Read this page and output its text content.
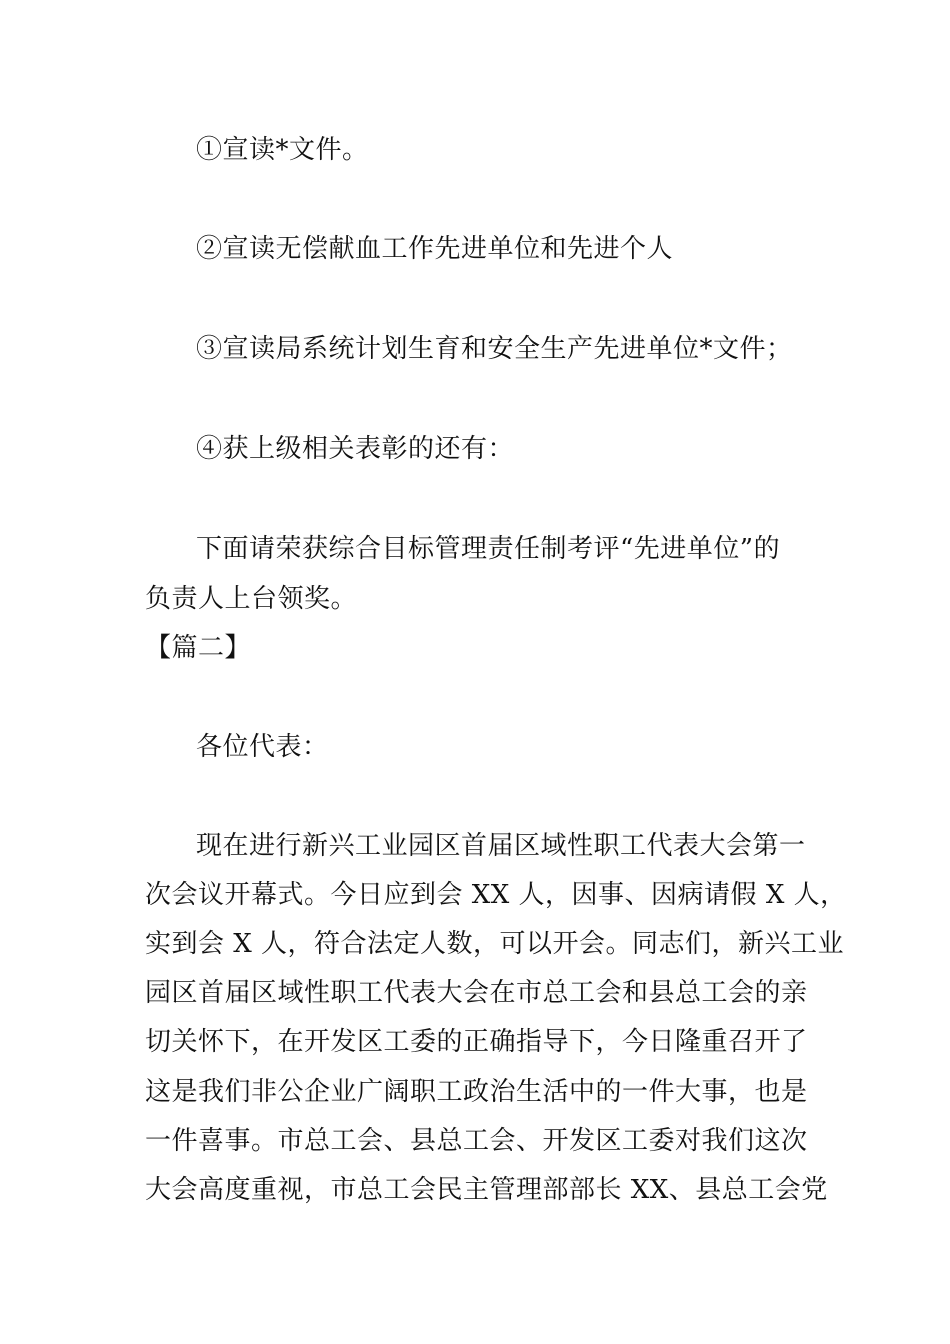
①宣读*文件。
②宣读无偿献血工作先进单位和先进个人
③宣读局系统计划生育和安全生产先进单位*文件；
④获上级相关表彰的还有：
下面请荣获综合目标管理责任制考评“先进单位”的
负责人上台领奖。
【篇二】
各位代表：
现在进行新兴工业园区首届区域性职工代表大会第一
次会议开幕式。今日应到会 XX 人，因事、因病请假 X 人，
实到会 X 人，符合法定人数，可以开会。同志们，新兴工业
园区首届区域性职工代表大会在市总工会和县总工会的亲
切关怀下，在开发区工委的正确指导下，今日隆重召开了
这是我们非公企业广阔职工政治生活中的一件大事，也是
一件喜事。市总工会、县总工会、开发区工委对我们这次
大会高度重视，市总工会民主管理部部长 XX、县总工会党
